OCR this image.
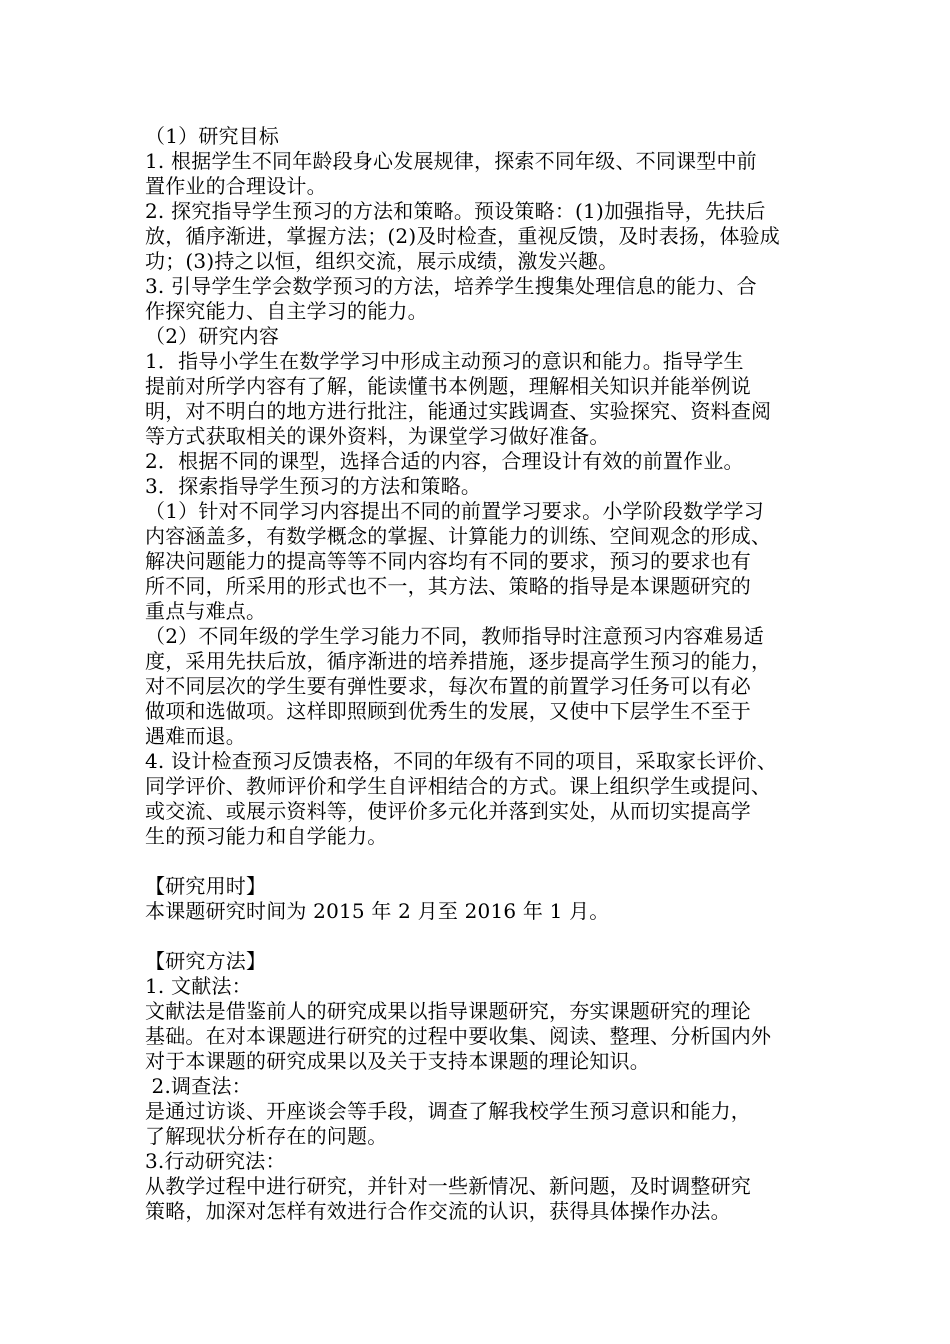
（1）研究目标
1. 根据学生不同年龄段身心发展规律，探索不同年级、不同课型中前
置作业的合理设计。
2. 探究指导学生预习的方法和策略。预设策略：(1)加强指导，先扶后
放，循序渐进，掌握方法；(2)及时检查，重视反馈，及时表扬，体验成
功；(3)持之以恒，组织交流，展示成绩，激发兴趣。
3. 引导学生学会数学预习的方法，培养学生搜集处理信息的能力、合
作探究能力、自主学习的能力。
（2）研究内容
1．指导小学生在数学学习中形成主动预习的意识和能力。指导学生
提前对所学内容有了解，能读懂书本例题，理解相关知识并能举例说
明，对不明白的地方进行批注，能通过实践调查、实验探究、资料查阅
等方式获取相关的课外资料，为课堂学习做好准备。
2．根据不同的课型，选择合适的内容，合理设计有效的前置作业。
3．探索指导学生预习的方法和策略。
（1）针对不同学习内容提出不同的前置学习要求。小学阶段数学学习
内容涵盖多，有数学概念的掌握、计算能力的训练、空间观念的形成、
解决问题能力的提高等等不同内容均有不同的要求，预习的要求也有
所不同，所采用的形式也不一，其方法、策略的指导是本课题研究的
重点与难点。
（2）不同年级的学生学习能力不同，教师指导时注意预习内容难易适
度，采用先扶后放，循序渐进的培养措施，逐步提高学生预习的能力，
对不同层次的学生要有弹性要求，每次布置的前置学习任务可以有必
做项和选做项。这样即照顾到优秀生的发展，又使中下层学生不至于
遇难而退。
4. 设计检查预习反馈表格，不同的年级有不同的项目，采取家长评价、
同学评价、教师评价和学生自评相结合的方式。课上组织学生或提问、
或交流、或展示资料等，使评价多元化并落到实处，从而切实提高学
生的预习能力和自学能力。
【研究用时】
本课题研究时间为 2015 年 2 月至 2016 年 1 月。
【研究方法】
1. 文献法：
文献法是借鉴前人的研究成果以指导课题研究，夯实课题研究的理论
基础。在对本课题进行研究的过程中要收集、阅读、整理、分析国内外
对于本课题的研究成果以及关于支持本课题的理论知识。
2.调查法：
是通过访谈、开座谈会等手段，调查了解我校学生预习意识和能力，
了解现状分析存在的问题。
3.行动研究法：
从教学过程中进行研究，并针对一些新情况、新问题，及时调整研究
策略，加深对怎样有效进行合作交流的认识，获得具体操作办法。
